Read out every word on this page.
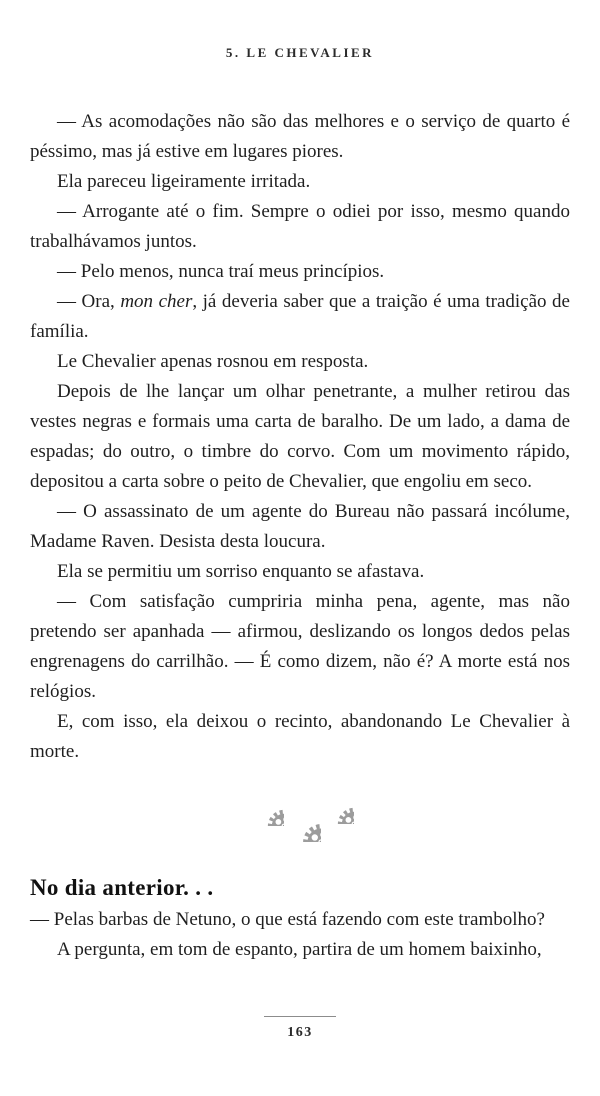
5. LE CHEVALIER

— As acomodações não são das melhores e o serviço de quarto é péssimo, mas já estive em lugares piores.

Ela pareceu ligeiramente irritada.

— Arrogante até o fim. Sempre o odiei por isso, mesmo quando trabalhávamos juntos.

— Pelo menos, nunca traí meus princípios.

— Ora, mon cher, já deveria saber que a traição é uma tradição de família.

Le Chevalier apenas rosnou em resposta.

Depois de lhe lançar um olhar penetrante, a mulher retirou das vestes negras e formais uma carta de baralho. De um lado, a dama de espadas; do outro, o timbre do corvo. Com um movimento rápido, depositou a carta sobre o peito de Chevalier, que engoliu em seco.

— O assassinato de um agente do Bureau não passará incólume, Madame Raven. Desista desta loucura.

Ela se permitiu um sorriso enquanto se afastava.

— Com satisfação cumpriria minha pena, agente, mas não pretendo ser apanhada — afirmou, deslizando os longos dedos pelas engrenagens do carrilhão. — É como dizem, não é? A morte está nos relógios.

E, com isso, ela deixou o recinto, abandonando Le Chevalier à morte.

No dia anterior. . .

— Pelas barbas de Netuno, o que está fazendo com este trambolho?

A pergunta, em tom de espanto, partira de um homem baixinho,

163
